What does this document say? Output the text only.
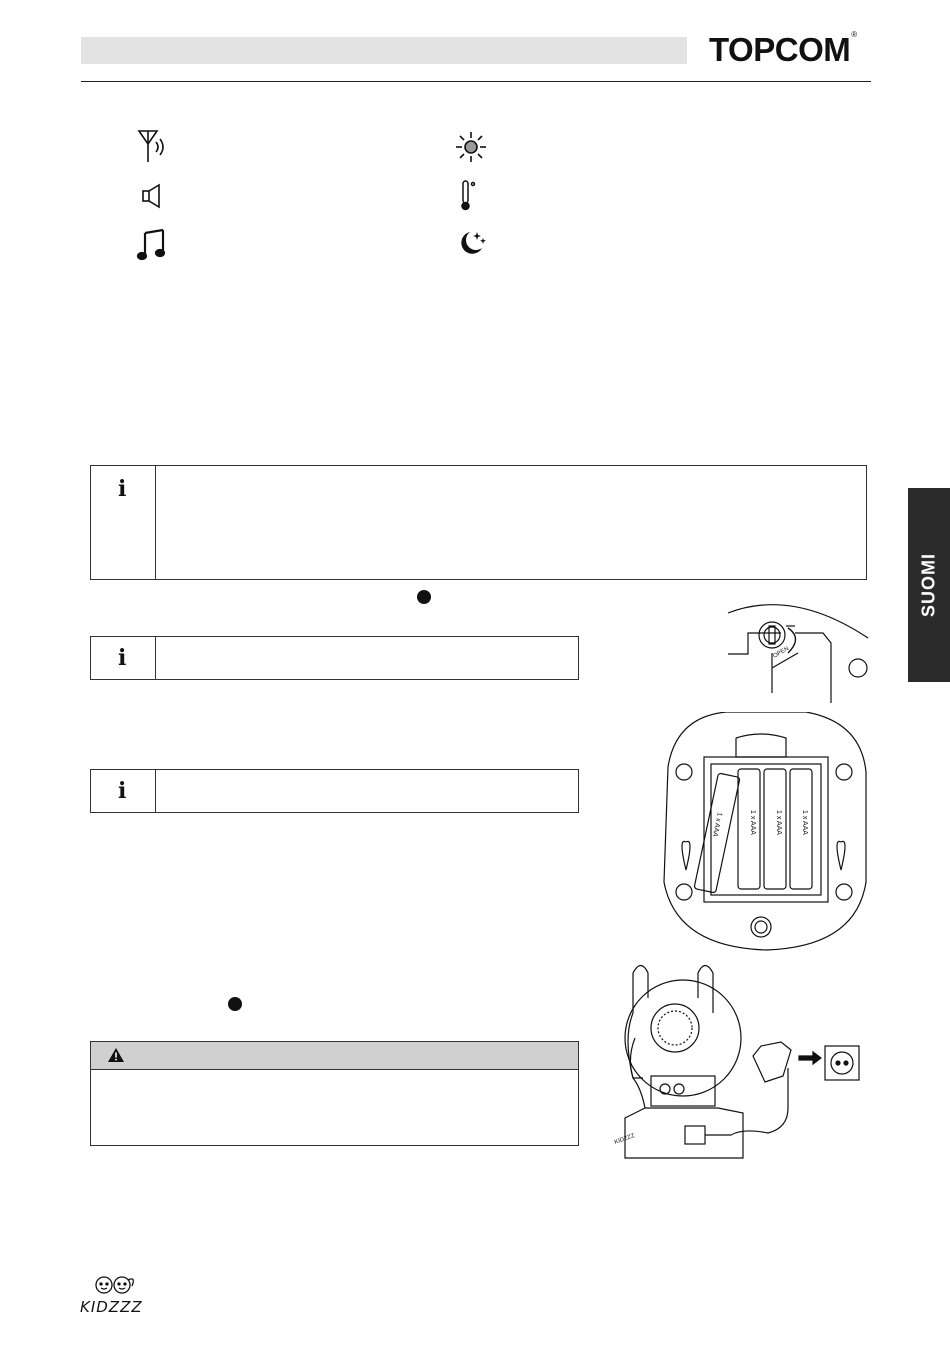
TOPCOM®
SUOMI
i
i
i
OPEN
1 x AAA	1 x AAA	1 x AAA
1 x AAA
KIDZZZ
KIDZZZ
